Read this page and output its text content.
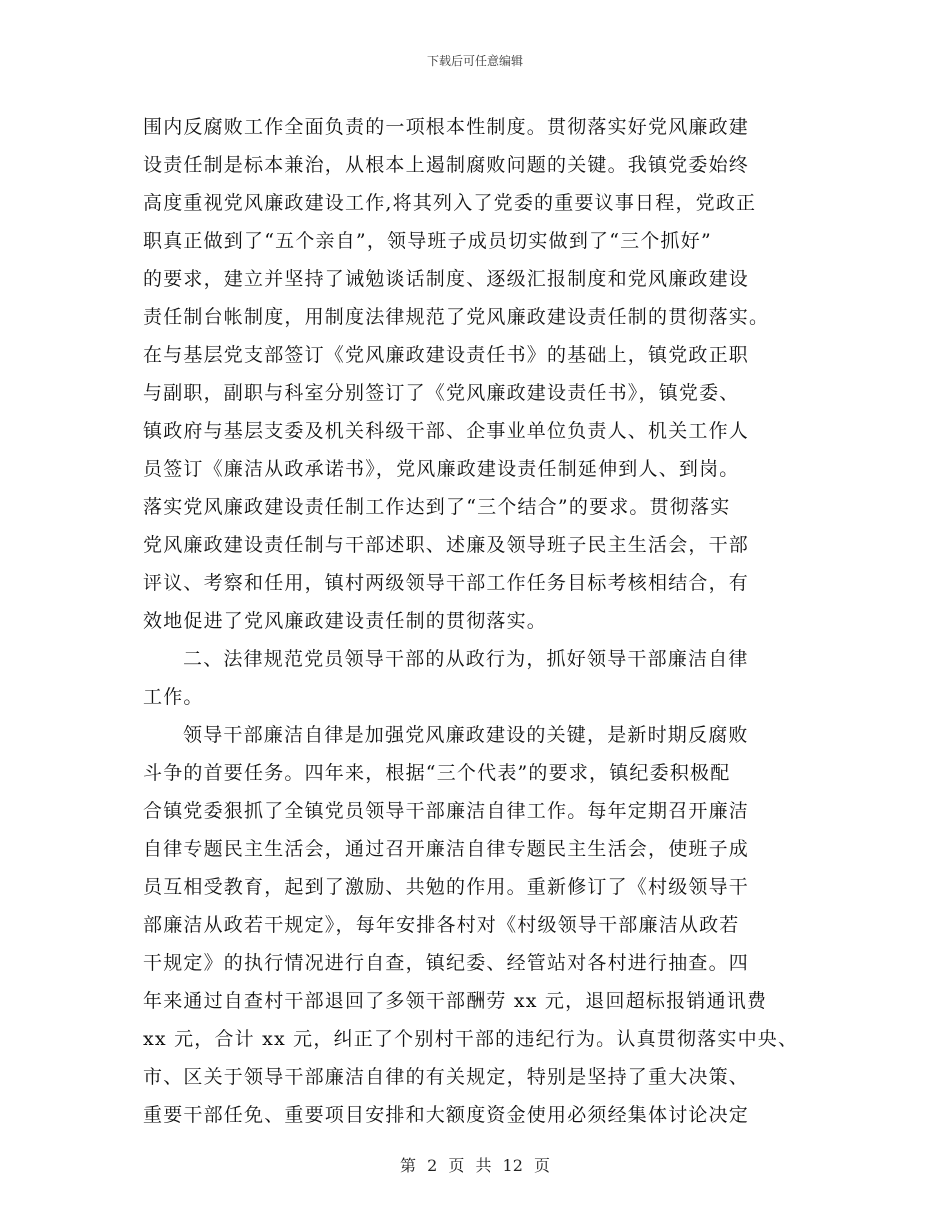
下载后可任意编辑
围内反腐败工作全面负责的一项根本性制度。贯彻落实好党风廉政建
设责任制是标本兼治，从根本上遏制腐败问题的关键。我镇党委始终
高度重视党风廉政建设工作,将其列入了党委的重要议事日程，党政正
职真正做到了“五个亲自”，领导班子成员切实做到了“三个抓好”
的要求，建立并坚持了诫勉谈话制度、逐级汇报制度和党风廉政建设
责任制台帐制度，用制度法律规范了党风廉政建设责任制的贯彻落实。
在与基层党支部签订《党风廉政建设责任书》的基础上，镇党政正职
与副职，副职与科室分别签订了《党风廉政建设责任书》，镇党委、
镇政府与基层支委及机关科级干部、企事业单位负责人、机关工作人
员签订《廉洁从政承诺书》，党风廉政建设责任制延伸到人、到岗。
落实党风廉政建设责任制工作达到了“三个结合”的要求。贯彻落实
党风廉政建设责任制与干部述职、述廉及领导班子民主生活会，干部
评议、考察和任用，镇村两级领导干部工作任务目标考核相结合，有
效地促进了党风廉政建设责任制的贯彻落实。
二、法律规范党员领导干部的从政行为，抓好领导干部廉洁自律
工作。
领导干部廉洁自律是加强党风廉政建设的关键，是新时期反腐败
斗争的首要任务。四年来，根据“三个代表”的要求，镇纪委积极配
合镇党委狠抓了全镇党员领导干部廉洁自律工作。每年定期召开廉洁
自律专题民主生活会，通过召开廉洁自律专题民主生活会，使班子成
员互相受教育，起到了激励、共勉的作用。重新修订了《村级领导干
部廉洁从政若干规定》，每年安排各村对《村级领导干部廉洁从政若
干规定》的执行情况进行自查，镇纪委、经管站对各村进行抽查。四
年来通过自查村干部退回了多领干部酬劳 xx 元，退回超标报销通讯费
xx 元，合计 xx 元，纠正了个别村干部的违纪行为。认真贯彻落实中央、
市、区关于领导干部廉洁自律的有关规定，特别是坚持了重大决策、
重要干部任免、重要项目安排和大额度资金使用必须经集体讨论决定
第 2 页 共 12 页
